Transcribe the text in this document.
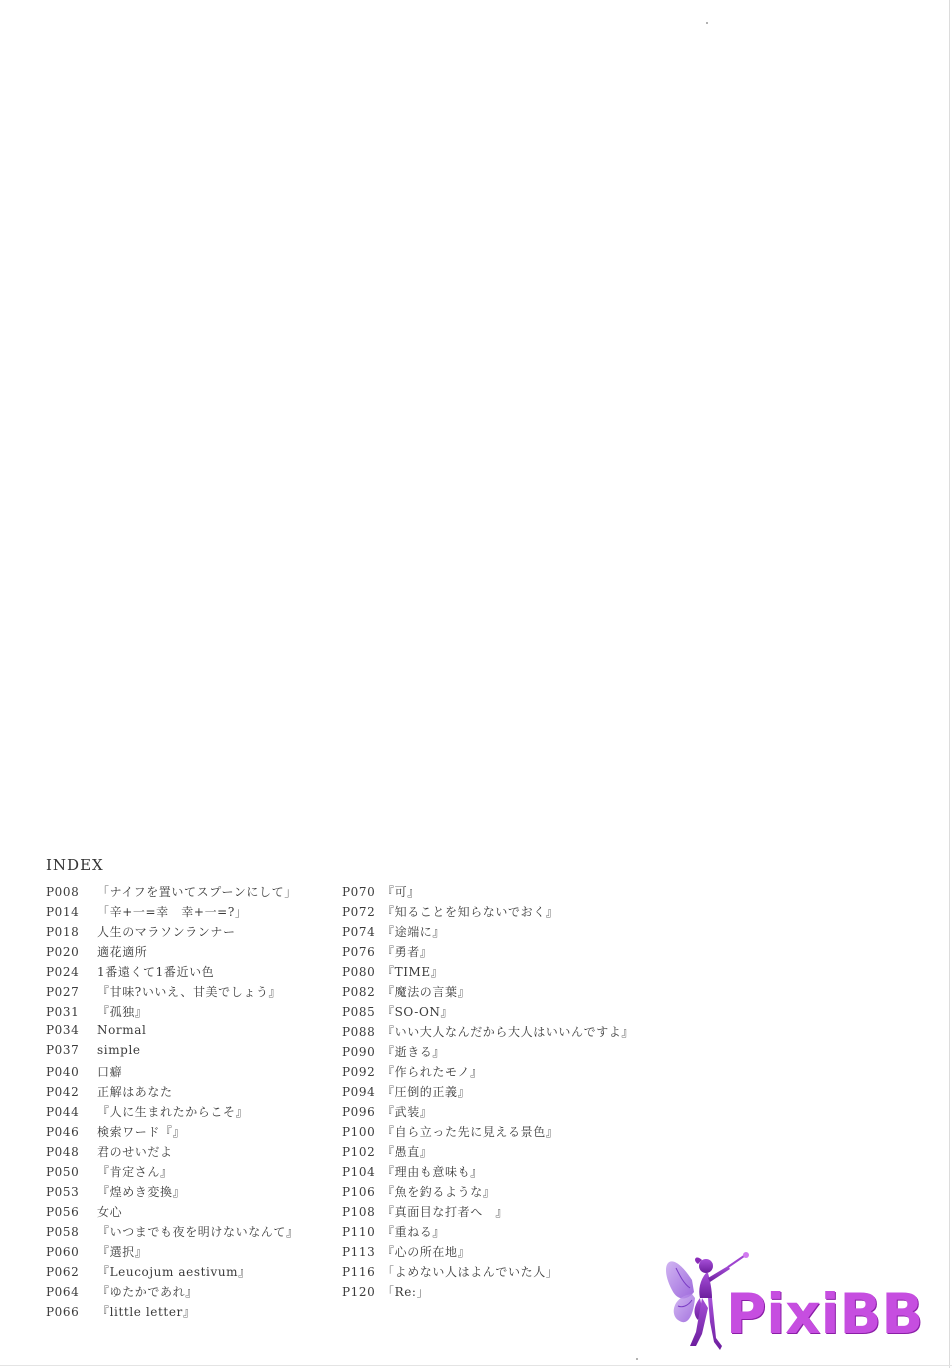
INDEX
P008	「ナイフを置いてスプーンにして」
P014	「辛+一=幸　幸+一=?」
P018	人生のマラソンランナー
P020	適花適所
P024	1番遠くて1番近い色
P027	『甘味?いいえ、甘美でしょう』
P031	『孤独』
P034	Normal
P037	simple
P040	口癖
P042	正解はあなた
P044	『人に生まれたからこそ』
P046	検索ワード『』
P048	君のせいだよ
P050	『肯定さん』
P053	『煌めき変換』
P056	女心
P058	『いつまでも夜を明けないなんて』
P060	『選択』
P062	『Leucojum aestivum』
P064	『ゆたかであれ』
P066	『little letter』
P070 『可』
P072 『知ることを知らないでおく』
P074 『途端に』
P076 『勇者』
P080 『TIME』
P082 『魔法の言葉』
P085 『SO-ON』
P088 『いい大人なんだから大人はいいんですよ』
P090 『逝きる』
P092 『作られたモノ』
P094 『圧倒的正義』
P096 『武装』
P100 『自ら立った先に見える景色』
P102 『愚直』
P104 『理由も意味も』
P106 『魚を釣るような』
P108 『真面目な打者へ　』
P110 『重ねる』
P113 『心の所在地』
P116 「よめない人はよんでいた人」
P120 「Re:」	PixiBB
